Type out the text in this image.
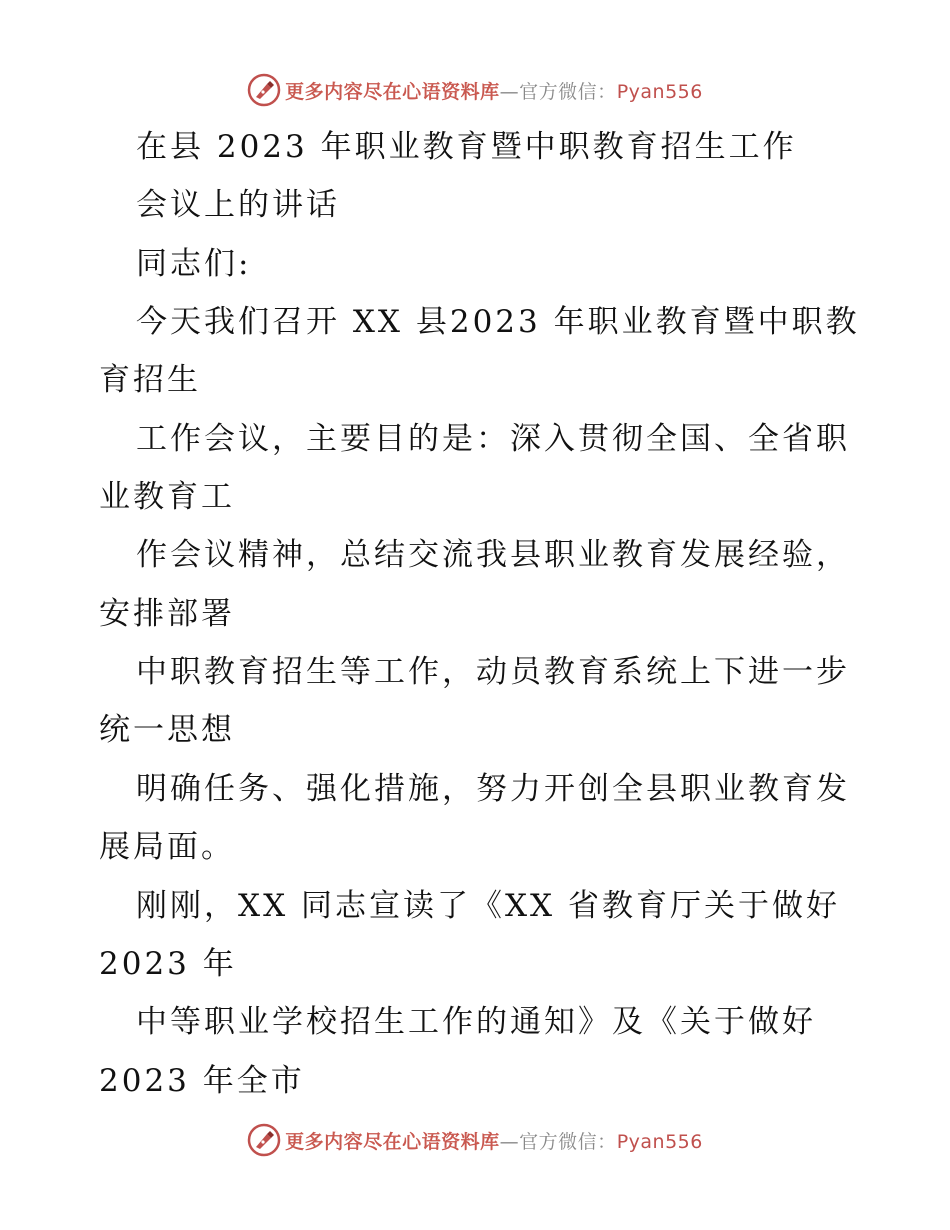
更多内容尽在心语资料库—官方微信：Pyan556
在县 2023 年职业教育暨中职教育招生工作
会议上的讲话
同志们:
今天我们召开 XX 县2023 年职业教育暨中职教
育招生
工作会议，主要目的是：深入贯彻全国、全省职
业教育工
作会议精神，总结交流我县职业教育发展经验，
安排部署
中职教育招生等工作，动员教育系统上下进一步
统一思想
明确任务、强化措施，努力开创全县职业教育发
展局面。
刚刚，XX 同志宣读了《XX 省教育厅关于做好
2023 年
中等职业学校招生工作的通知》及《关于做好
2023 年全市
更多内容尽在心语资料库—官方微信：Pyan556
